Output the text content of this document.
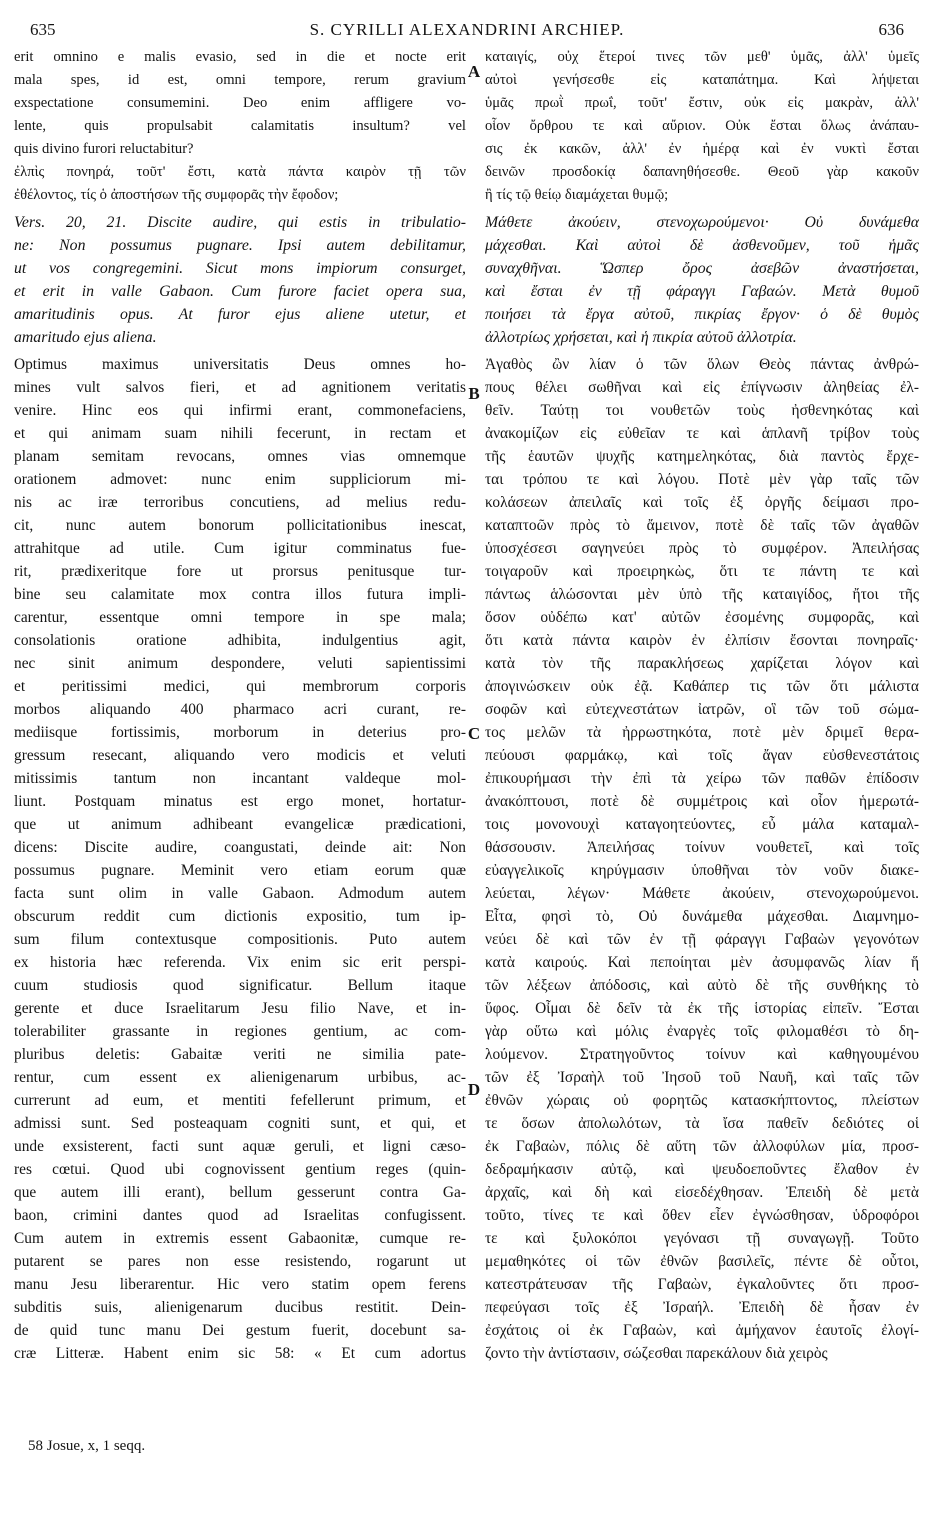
635	S. CYRILLI ALEXANDRINI ARCHIEP.	636
erit omnino e malis evasio, sed in die et nocte erit
mala spes, id est, omni tempore, rerum gravium
exspectatione consumemini. Deo enim affligere vo-
lente, quis propulsabit calamitatis insultum? vel
quis divino furori reluctabitur?
ἐλπὶς πονηρά, τοῦτ' ἔστι, κατὰ πάντα καιρὸν τῇ τῶν
ἐθέλοντος, τίς ὁ ἀποστήσων τῆς συμφορᾶς τὴν ἔφοδον;
Vers. 20, 21. Discite audire, qui estis in tribulatio-
ne: Non possumus pugnare. Ipsi autem debilitamur,
ut vos congregemini. Sicut mons impiorum consurget,
et erit in valle Gabaon. Cum furore faciet opera sua,
amaritudinis opus. At furor ejus aliene utetur, et
amaritudo ejus aliena.
Optimus maximus universitatis Deus omnes ho-
mines vult salvos fieri, et ad agnitionem veritatis
venire. Hinc eos qui infirmi erant, commonefaciens,
et qui animam suam nihili fecerunt, in rectam et
planam semitam revocans, omnes vias omnemque
orationem admovet: nunc enim suppliciorum mi-
nis ac iræ terroribus concutiens, ad melius redu-
cit, nunc autem bonorum pollicitationibus inescat,
attrahitque ad utile. Cum igitur comminatus fue-
rit, prædixeritque fore ut prorsus penitusque tur-
bine seu calamitate mox contra illos futura impli-
carentur, essentque omni tempore in spe mala;
consolationis oratione adhibita, indulgentius agit,
nec sinit animum despondere, veluti sapientissimi
et peritissimi medici, qui membrorum corporis
morbos aliquando 400 pharmaco acri curant, re-
mediisque fortissimis, morborum in deterius pro-
gressum resecant, aliquando vero modicis et veluti
mitissimis tantum non incantant valdeque mol-
liunt. Postquam minatus est ergo monet, hortatur-
que ut animum adhibeant evangelicæ prædicationi,
dicens: Discite audire, coangustati, deinde ait: Non
possumus pugnare. Meminit vero etiam eorum quæ
facta sunt olim in valle Gabaon. Admodum autem
obscurum reddit cum dictionis expositio, tum ip-
sum filum contextusque compositionis. Puto autem
ex historia hæc referenda. Vix enim sic erit perspi-
cuum studiosis quod significatur. Bellum itaque
gerente et duce Israelitarum Jesu filio Nave, et in-
tolerabiliter grassante in regiones gentium, ac com-
pluribus deletis: Gabaitæ veriti ne similia pate-
rentur, cum essent ex alienigenarum urbibus, ac-
currerunt ad eum, et mentiti fefellerunt primum, et
admissi sunt. Sed posteaquam cogniti sunt, et qui, et
unde exsisterent, facti sunt aquæ geruli, et ligni cæso-
res cœtui. Quod ubi cognovissent gentium reges (quin-
que autem illi erant), bellum gesserunt contra Ga-
baon, crimini dantes quod ad Israelitas confugissent.
Cum autem in extremis essent Gabaonitæ, cumque re-
putarent se pares non esse resistendo, rogarunt ut
manu Jesu liberarentur. Hic vero statim opem ferens
subditis suis, alienigenarum ducibus restitit. Dein-
de quid tunc manu Dei gestum fuerit, docebunt sa-
cræ Litteræ. Habent enim sic 58: « Et cum adortus
καταιγίς, οὐχ ἕτεροί τινες τῶν μεθ' ὑμᾶς, ἀλλ' ὑμεῖς
αὐτοὶ γενήσεσθε εἰς καταπάτημα. Καὶ λήψεται
ὑμᾶς πρωῒ πρωΐ, τοῦτ' ἔστιν, οὐκ εἰς μακρὰν, ἀλλ'
οἷον ὄρθρου τε καὶ αὔριον. Οὐκ ἔσται ὅλως ἀνάπαυ-
σις ἐκ κακῶν, ἀλλ' ἐν ἡμέρᾳ καὶ ἐν νυκτὶ ἔσται
δεινῶν προσδοκίᾳ δαπανηθήσεσθε. Θεοῦ γὰρ κακοῦν
ἢ τίς τῷ θείῳ διαμάχεται θυμῷ;
Μάθετε ἀκούειν, στενοχωρούμενοι· Οὐ δυνάμεθα
μάχεσθαι. Καὶ αὐτοὶ δὲ ἀσθενοῦμεν, τοῦ ἡμᾶς
συναχθῆναι. Ὥσπερ ὄρος ἀσεβῶν ἀναστήσεται,
καὶ ἔσται ἐν τῇ φάραγγι Γαβαών. Μετὰ θυμοῦ
ποιήσει τὰ ἔργα αὐτοῦ, πικρίας ἔργον· ὁ δὲ θυμὸς
ἀλλοτρίως χρήσεται, καὶ ἡ πικρία αὐτοῦ ἀλλοτρία.
Ἀγαθὸς ὢν λίαν ὁ τῶν ὅλων Θεὸς πάντας ἀνθρώ-
πους θέλει σωθῆναι καὶ εἰς ἐπίγνωσιν ἀληθείας ἐλ-
θεῖν. Ταύτῃ τοι νουθετῶν τοὺς ἠσθενηκότας καὶ
ἀνακομίζων εἰς εὐθεῖαν τε καὶ ἁπλανῆ τρίβον τοὺς
τῆς ἑαυτῶν ψυχῆς κατημεληκότας, διὰ παντὸς ἔρχε-
ται τρόπου τε καὶ λόγου. Ποτὲ μὲν γὰρ ταῖς τῶν
κολάσεων ἀπειλαῖς καὶ τοῖς ἐξ ὀργῆς δείμασι προ-
καταπτοῶν πρὸς τὸ ἄμεινον, ποτὲ δὲ ταῖς τῶν ἀγαθῶν
ὑποσχέσεσι σαγηνεύει πρὸς τὸ συμφέρον. Ἀπειλήσας
τοιγαροῦν καὶ προειρηκὼς, ὅτι τε πάντη τε καὶ
πάντως ἁλώσονται μὲν ὑπὸ τῆς καταιγίδος, ἤτοι τῆς
ὅσον οὐδέπω κατ' αὐτῶν ἐσομένης συμφορᾶς, καὶ
ὅτι κατὰ πάντα καιρὸν ἐν ἐλπίσιν ἔσονται πονηραῖς·
κατὰ τὸν τῆς παρακλήσεως χαρίζεται λόγον καὶ
ἀπογινώσκειν οὐκ ἐᾷ. Καθάπερ τις τῶν ὅτι μάλιστα
σοφῶν καὶ εὐτεχνεστάτων ἰατρῶν, οἳ τῶν τοῦ σώμα-
τος μελῶν τὰ ἠρρωστηκότα, ποτὲ μὲν δριμεῖ θερα-
πεύουσι φαρμάκῳ, καὶ τοῖς ἄγαν εὐσθενεστάτοις
ἐπικουρήμασι τὴν ἐπὶ τὰ χείρω τῶν παθῶν ἐπίδοσιν
ἀνακόπτουσι, ποτὲ δὲ συμμέτροις καὶ οἷον ἡμερωτά-
τοις μονονουχὶ καταγοητεύοντες, εὖ μάλα καταμαλ-
θάσσουσιν. Ἀπειλήσας τοίνυν νουθετεῖ, καὶ τοῖς
εὐαγγελικοῖς κηρύγμασιν ὑποθῆναι τὸν νοῦν διακε-
λεύεται, λέγων· Μάθετε ἀκούειν, στενοχωρούμενοι.
Εἶτα, φησὶ τὸ, Οὐ δυνάμεθα μάχεσθαι. Διαμνημο-
νεύει δὲ καὶ τῶν ἐν τῇ φάραγγι Γαβαὼν γεγονότων
κατὰ καιρούς. Καὶ πεποίηται μὲν ἀσυμφανῶς λίαν ἥ
τῶν λέξεων ἀπόδοσις, καὶ αὐτὸ δὲ τῆς συνθήκης τὸ
ὕφος. Οἶμαι δὲ δεῖν τὰ ἐκ τῆς ἱστορίας εἰπεῖν. Ἔσται
γὰρ οὕτω καὶ μόλις ἐναργὲς τοῖς φιλομαθέσι τὸ δη-
λούμενον. Στρατηγοῦντος τοίνυν καὶ καθηγουμένου
τῶν ἐξ Ἰσραὴλ τοῦ Ἰησοῦ τοῦ Ναυῆ, καὶ ταῖς τῶν
ἐθνῶν χώραις οὐ φορητῶς κατασκήπτοντος, πλείστων
τε ὅσων ἀπολωλότων, τὰ ἴσα παθεῖν δεδιότες οἱ
ἐκ Γαβαὼν, πόλις δὲ αὕτη τῶν ἀλλοφύλων μία, προσ-
δεδραμήκασιν αὐτῷ, καὶ ψευδοεποῦντες ἔλαθον ἐν
ἀρχαῖς, καὶ δὴ καὶ εἰσεδέχθησαν. Ἐπειδὴ δὲ μετὰ
τοῦτο, τίνες τε καὶ ὅθεν εἶεν ἐγνώσθησαν, ὑδροφόροι
τε καὶ ξυλοκόποι γεγόνασι τῇ συναγωγῇ. Τοῦτο
μεμαθηκότες οἱ τῶν ἐθνῶν βασιλεῖς, πέντε δὲ οὗτοι,
κατεστράτευσαν τῆς Γαβαὼν, ἐγκαλοῦντες ὅτι προσ-
πεφεύγασι τοῖς ἐξ Ἰσραήλ. Ἐπειδὴ δὲ ἦσαν ἐν
ἐσχάτοις οἱ ἐκ Γαβαὼν, καὶ ἀμήχανον ἑαυτοῖς ἐλογί-
ζοντο τὴν ἀντίστασιν, σώζεσθαι παρεκάλουν διὰ χειρὸς
A
B
C
D
58 Josue, x, 1 seqq.
